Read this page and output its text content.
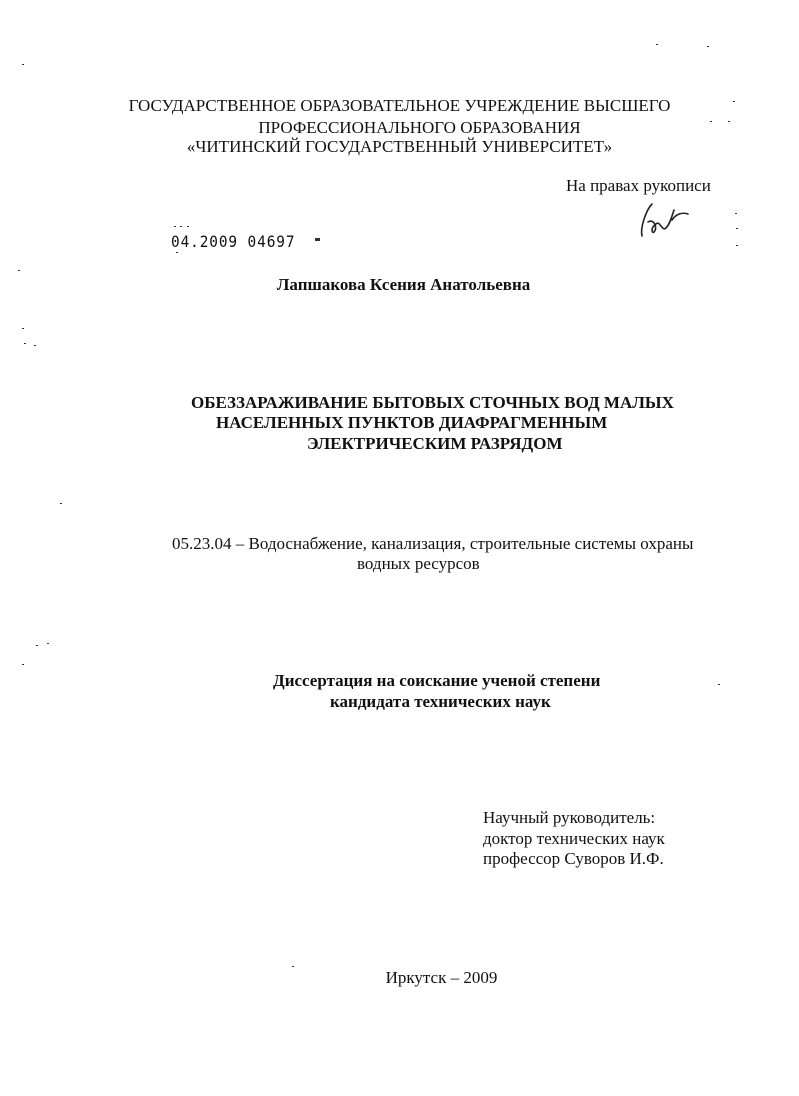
ГОСУДАРСТВЕННОЕ ОБРАЗОВАТЕЛЬНОЕ УЧРЕЖДЕНИЕ ВЫСШЕГО
ПРОФЕССИОНАЛЬНОГО ОБРАЗОВАНИЯ
«ЧИТИНСКИЙ ГОСУДАРСТВЕННЫЙ УНИВЕРСИТЕТ»
На правах рукописи
04.2009 04697
Лапшакова Ксения Анатольевна
ОБЕЗЗАРАЖИВАНИЕ БЫТОВЫХ СТОЧНЫХ ВОД МАЛЫХ
НАСЕЛЕННЫХ ПУНКТОВ ДИАФРАГМЕННЫМ
ЭЛЕКТРИЧЕСКИМ РАЗРЯДОМ
05.23.04 – Водоснабжение, канализация, строительные системы охраны
водных ресурсов
Диссертация на соискание ученой степени
кандидата технических наук
Научный руководитель:
доктор технических наук
профессор Суворов И.Ф.
Иркутск – 2009
